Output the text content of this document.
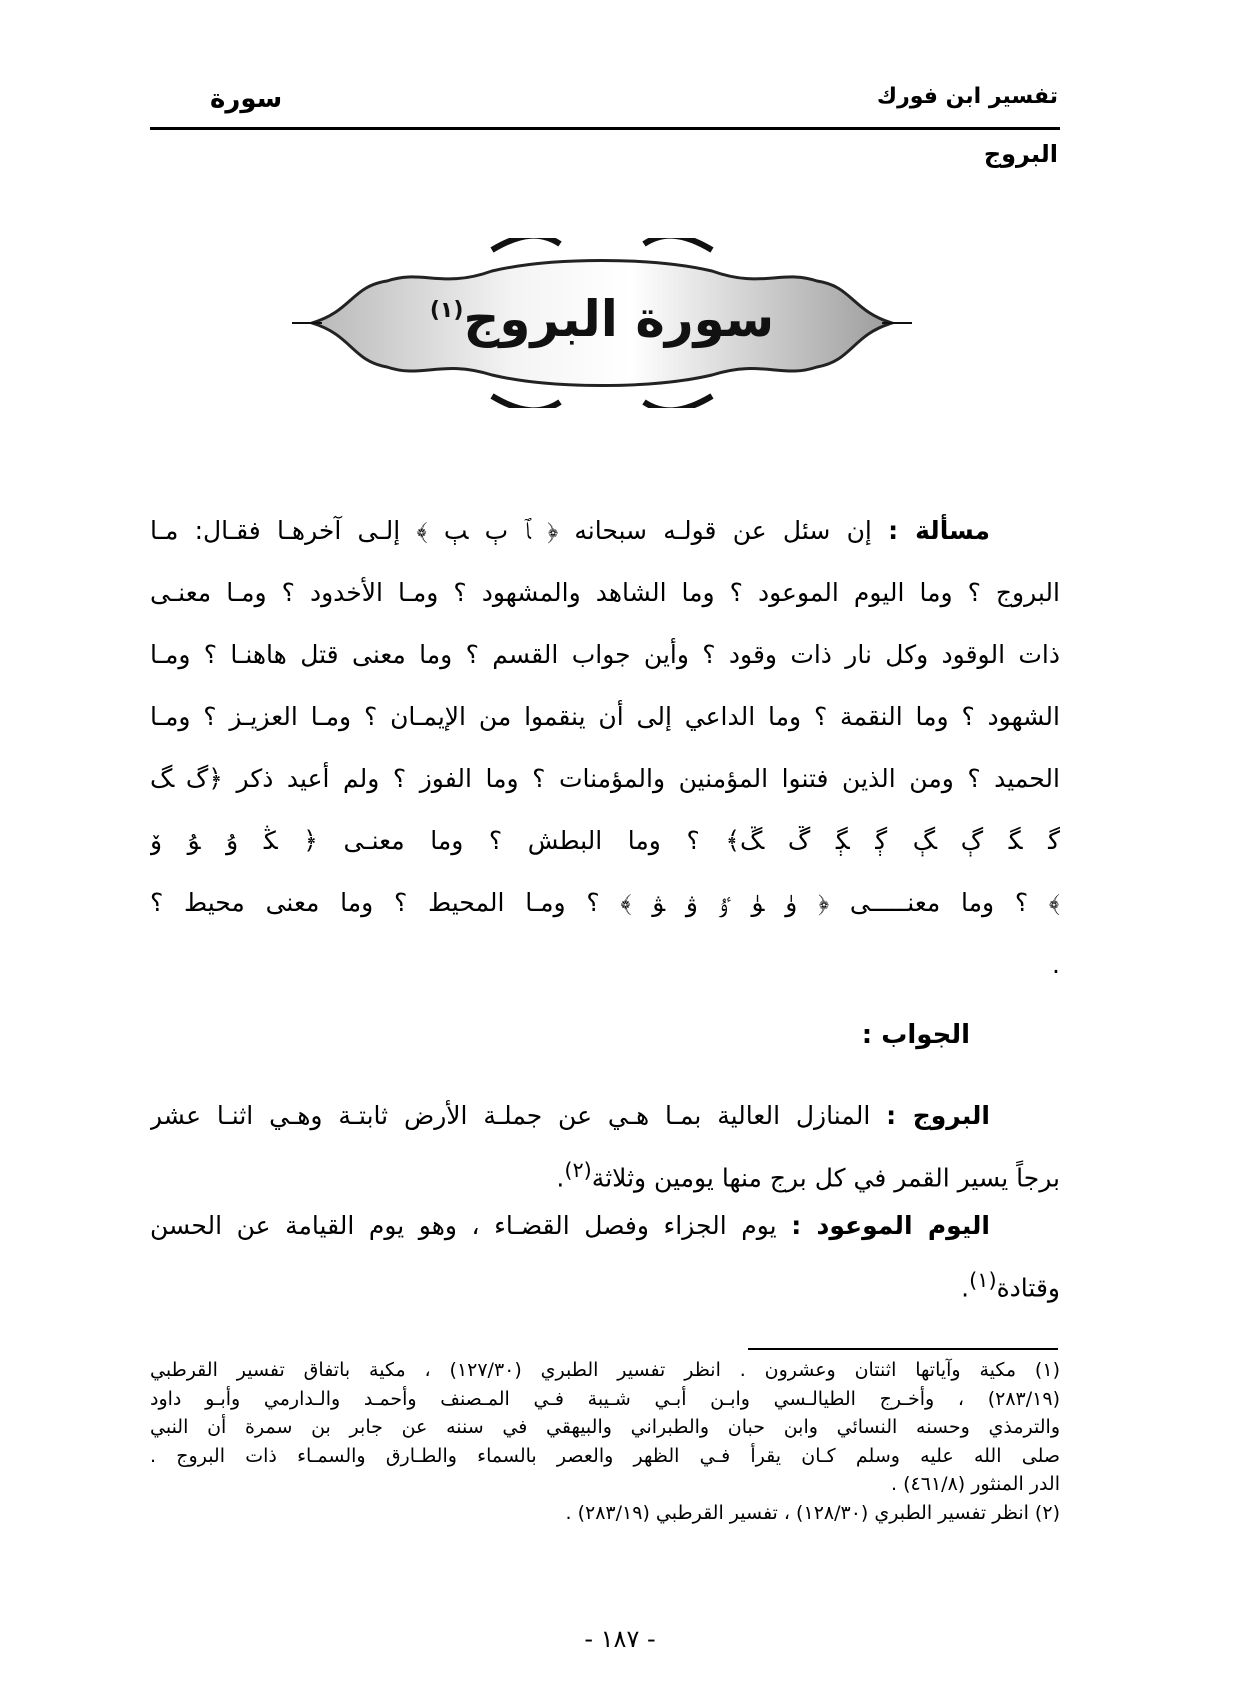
تفسير ابن فورك
سورة
البروج
سورة البروج$^{(١)}$
مسألة : إن سئل عن قولـه سبحانه ﴿ ﭑ ﭒ ﭓ ﴾ إلـى آخرهـا فقـال: مـا
البروج ؟ وما اليوم الموعود ؟ وما الشاهد والمشهود ؟ ومـا الأخدود ؟ ومـا معنـى
ذات الوقود وكل نار ذات وقود ؟ وأين جواب القسم ؟ وما معنى قتل هاهنـا ؟ ومـا
الشهود ؟ وما النقمة ؟ وما الداعي إلى أن ينقموا من الإيمـان ؟ ومـا العزيـز ؟ ومـا
الحميد ؟ ومن الذين فتنوا المؤمنين والمؤمنات ؟ وما الفوز ؟ ولم أعيد ذكر ﴿ﮒ ﮓ
ﮔ ﮕ ﮖ ﮗ ﮘ ﮙ ﮚ ﮛ﴾ ؟ وما البطش ؟ وما معنـى ﴿ ﯖ ﯗ ﯘ ﯙ
﴾ ؟ وما معنـــــى ﴿ ﯛ ﯜ ﯝ ﯞ ﯟ ﴾ ؟ ومـا المحيط ؟ وما معنى محيط ؟
.
الجواب :
البروج : المنازل العالية بمـا هـي عن جملـة الأرض ثابتـة وهـي اثنـا عشر
برجاً يسير القمر في كل برج منها يومين وثلاثة$^{(٢)}$.
اليوم الموعود : يوم الجزاء وفصل القضـاء ، وهو يوم القيامة عن الحسن
وقتادة$^{(١)}$.
(١) مكية وآياتها اثنتان وعشرون . انظر تفسير الطبري (١٢٧/٣٠) ، مكية باتفاق تفسير القرطبي
(٢٨٣/١٩) ، وأخـرج الطيالـسي وابـن أبـي شـيبة فـي المـصنف وأحمـد والـدارمي وأبـو داود
والترمذي وحسنه النسائي وابن حبان والطبراني والبيهقي في سننه عن جابر بن سمرة أن النبي
صلى الله عليه وسلم كـان يقرأ فـي الظهر والعصر بالسماء والطـارق والسمـاء ذات البروج .
الدر المنثور (٤٦١/٨) .
(٢) انظر تفسير الطبري (١٢٨/٣٠) ، تفسير القرطبي (٢٨٣/١٩) .
- ١٨٧ -
